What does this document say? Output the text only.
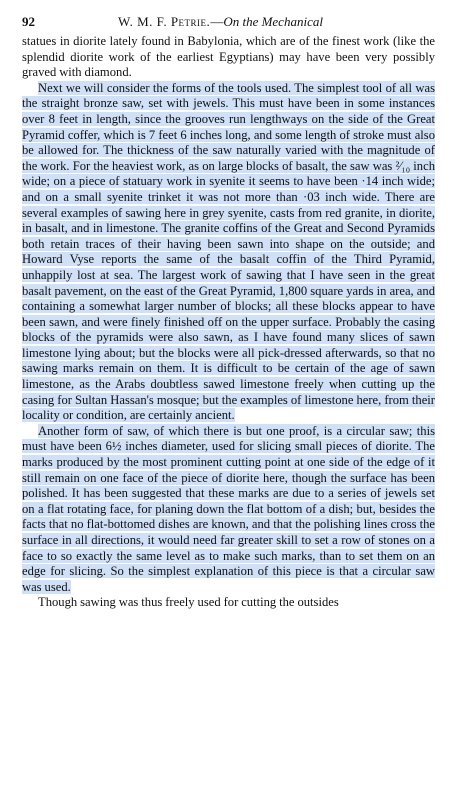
92	W. M. F. Petrie.—On the Mechanical

statues in diorite lately found in Babylonia, which are of the finest work (like the splendid diorite work of the earliest Egyptians) may have been very possibly graved with diamond.

Next we will consider the forms of the tools used. The simplest tool of all was the straight bronze saw, set with jewels. This must have been in some instances over 8 feet in length, since the grooves run lengthways on the side of the Great Pyramid coffer, which is 7 feet 6 inches long, and some length of stroke must also be allowed for. The thickness of the saw naturally varied with the magnitude of the work. For the heaviest work, as on large blocks of basalt, the saw was ²⁄₁₀ inch wide; on a piece of statuary work in syenite it seems to have been ·14 inch wide; and on a small syenite trinket it was not more than ·03 inch wide. There are several examples of sawing here in grey syenite, casts from red granite, in diorite, in basalt, and in limestone. The granite coffins of the Great and Second Pyramids both retain traces of their having been sawn into shape on the outside; and Howard Vyse reports the same of the basalt coffin of the Third Pyramid, unhappily lost at sea. The largest work of sawing that I have seen in the great basalt pavement, on the east of the Great Pyramid, 1,800 square yards in area, and containing a somewhat larger number of blocks; all these blocks appear to have been sawn, and were finely finished off on the upper surface. Probably the casing blocks of the pyramids were also sawn, as I have found many slices of sawn limestone lying about; but the blocks were all pick-dressed afterwards, so that no sawing marks remain on them. It is difficult to be certain of the age of sawn limestone, as the Arabs doubtless sawed limestone freely when cutting up the casing for Sultan Hassan's mosque; but the examples of limestone here, from their locality or condition, are certainly ancient.

Another form of saw, of which there is but one proof, is a circular saw; this must have been 6½ inches diameter, used for slicing small pieces of diorite. The marks produced by the most prominent cutting point at one side of the edge of it still remain on one face of the piece of diorite here, though the surface has been polished. It has been suggested that these marks are due to a series of jewels set on a flat rotating face, for planing down the flat bottom of a dish; but, besides the facts that no flat-bottomed dishes are known, and that the polishing lines cross the surface in all directions, it would need far greater skill to set a row of stones on a face to so exactly the same level as to make such marks, than to set them on an edge for slicing. So the simplest explanation of this piece is that a circular saw was used.

Though sawing was thus freely used for cutting the outsides
